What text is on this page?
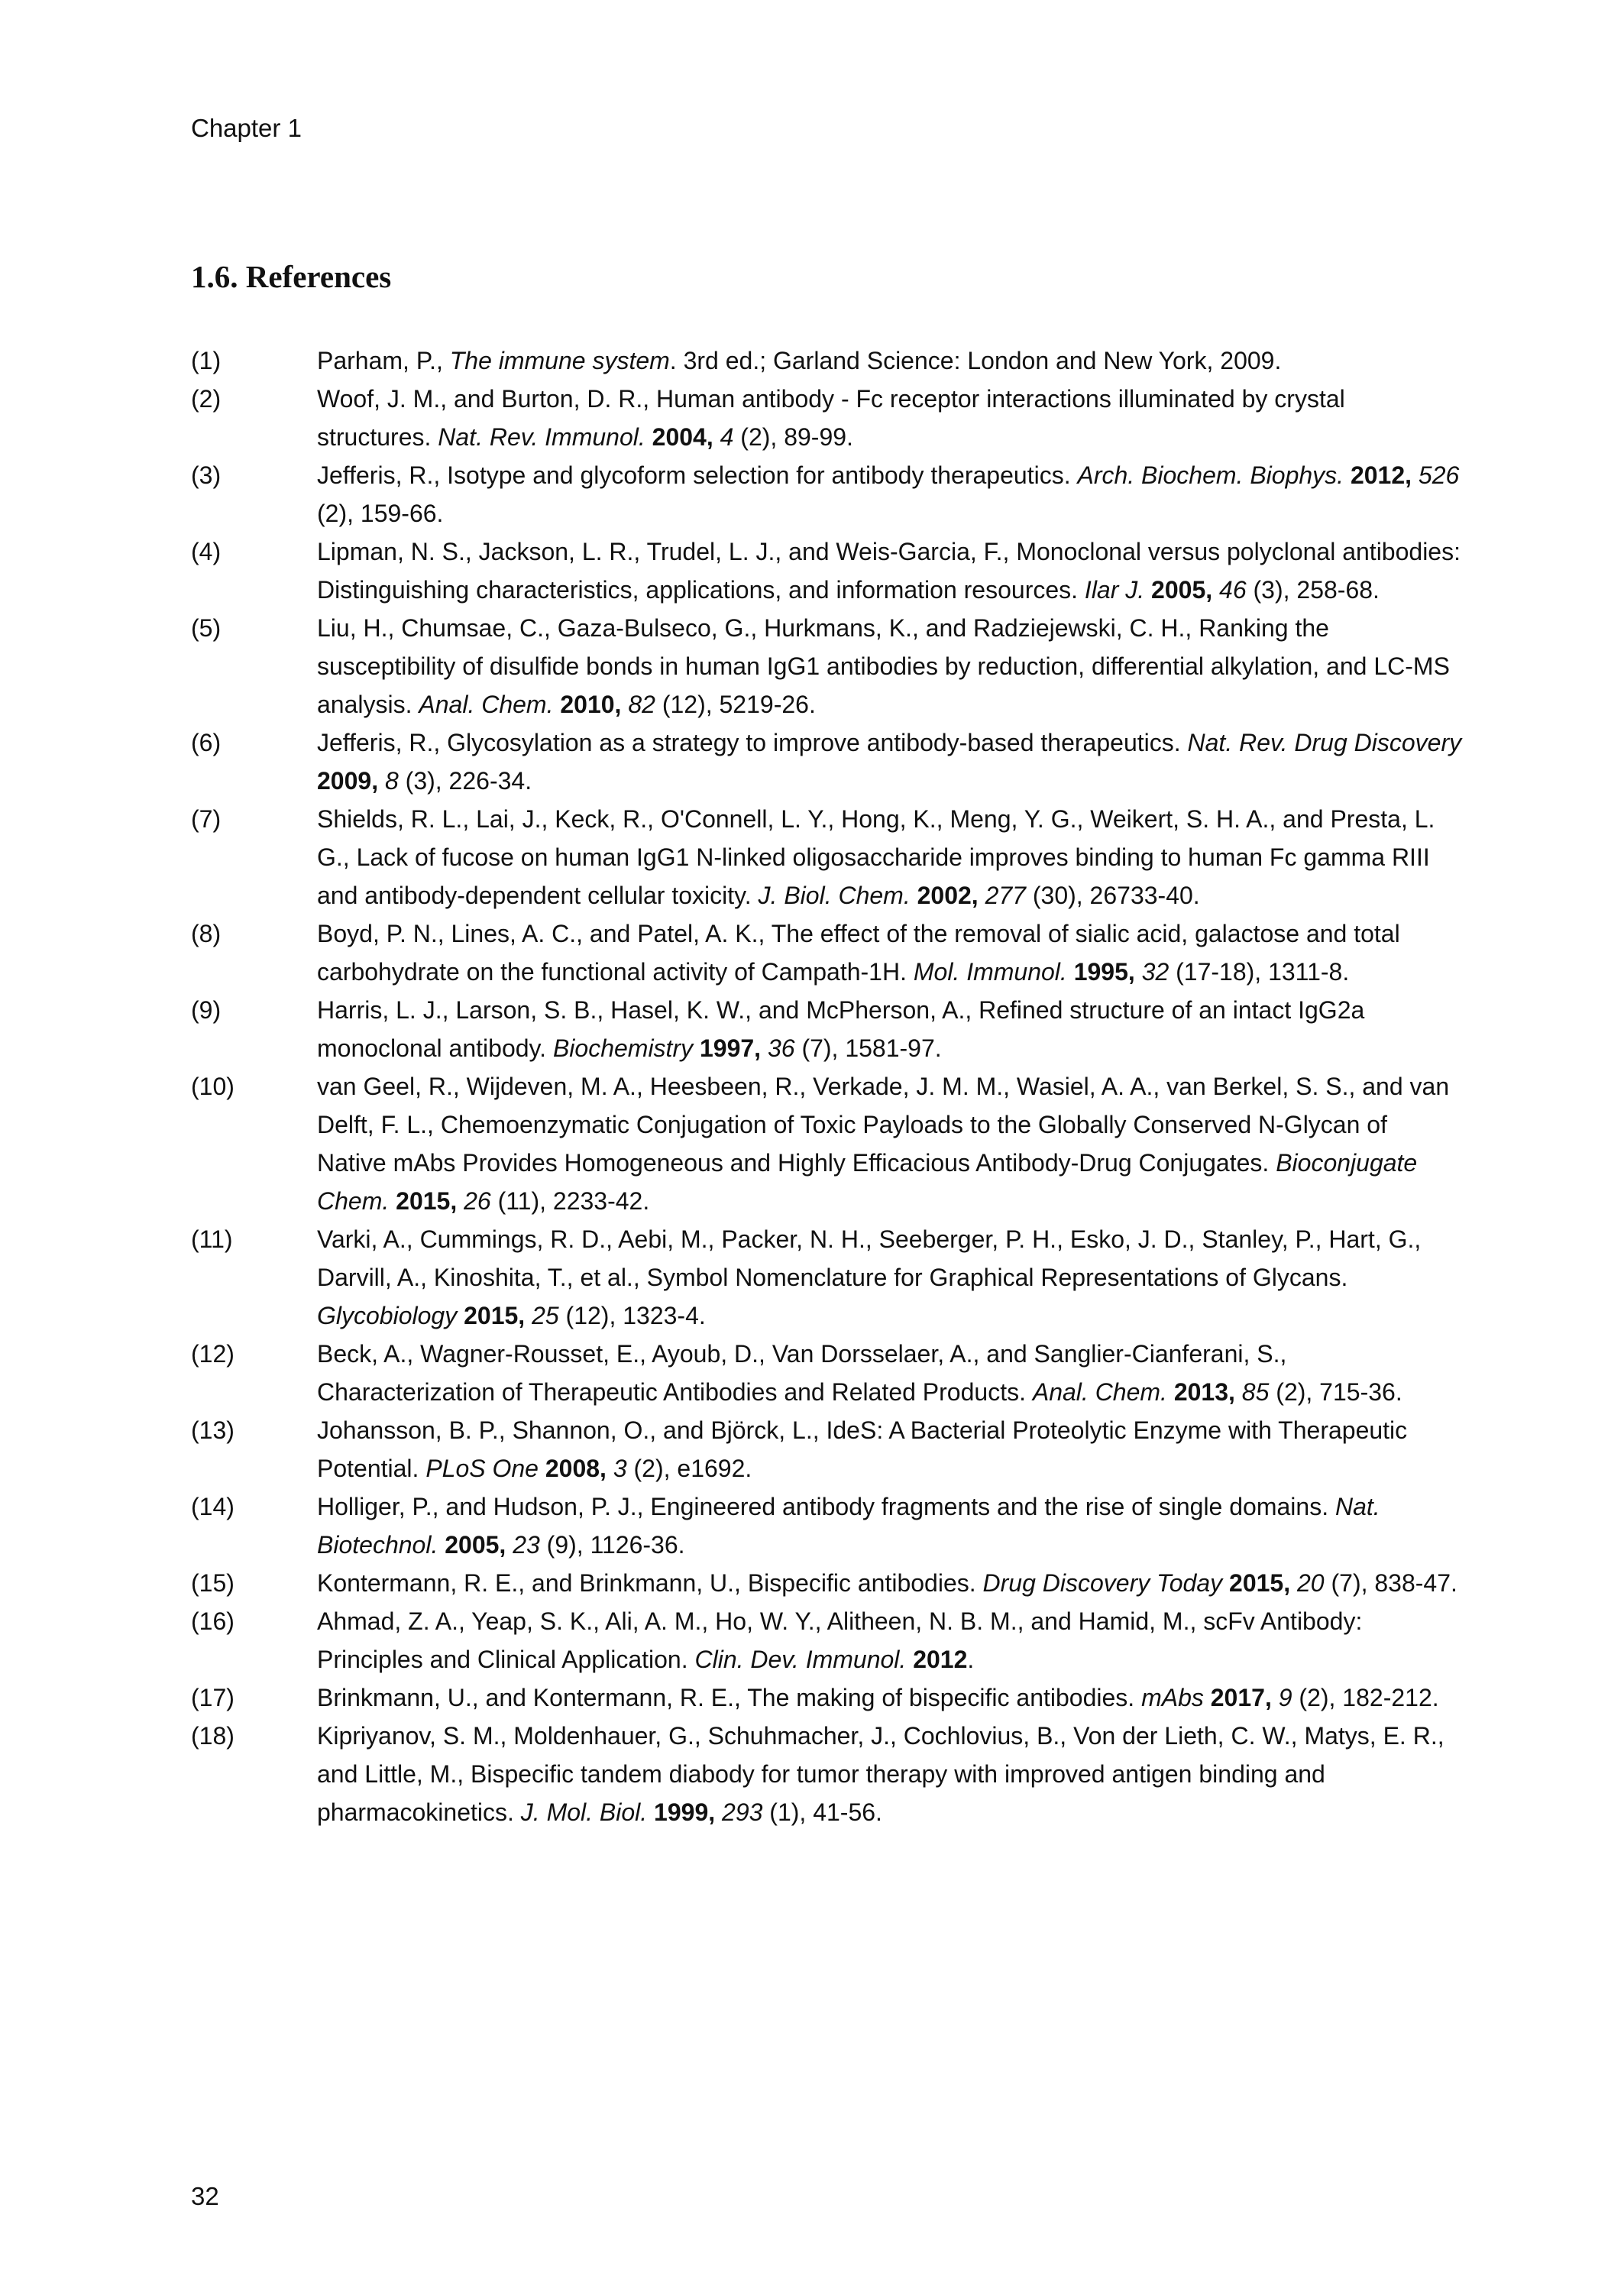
Chapter 1
1.6. References
(1)	Parham, P., The immune system. 3rd ed.; Garland Science: London and New York, 2009.
(2)	Woof, J. M., and Burton, D. R., Human antibody - Fc receptor interactions illuminated by crystal structures. Nat. Rev. Immunol. 2004, 4 (2), 89-99.
(3)	Jefferis, R., Isotype and glycoform selection for antibody therapeutics. Arch. Biochem. Biophys. 2012, 526 (2), 159-66.
(4)	Lipman, N. S., Jackson, L. R., Trudel, L. J., and Weis-Garcia, F., Monoclonal versus polyclonal antibodies: Distinguishing characteristics, applications, and information resources. Ilar J. 2005, 46 (3), 258-68.
(5)	Liu, H., Chumsae, C., Gaza-Bulseco, G., Hurkmans, K., and Radziejewski, C. H., Ranking the susceptibility of disulfide bonds in human IgG1 antibodies by reduction, differential alkylation, and LC-MS analysis. Anal. Chem. 2010, 82 (12), 5219-26.
(6)	Jefferis, R., Glycosylation as a strategy to improve antibody-based therapeutics. Nat. Rev. Drug Discovery 2009, 8 (3), 226-34.
(7)	Shields, R. L., Lai, J., Keck, R., O'Connell, L. Y., Hong, K., Meng, Y. G., Weikert, S. H. A., and Presta, L. G., Lack of fucose on human IgG1 N-linked oligosaccharide improves binding to human Fc gamma RIII and antibody-dependent cellular toxicity. J. Biol. Chem. 2002, 277 (30), 26733-40.
(8)	Boyd, P. N., Lines, A. C., and Patel, A. K., The effect of the removal of sialic acid, galactose and total carbohydrate on the functional activity of Campath-1H. Mol. Immunol. 1995, 32 (17-18), 1311-8.
(9)	Harris, L. J., Larson, S. B., Hasel, K. W., and McPherson, A., Refined structure of an intact IgG2a monoclonal antibody. Biochemistry 1997, 36 (7), 1581-97.
(10)	van Geel, R., Wijdeven, M. A., Heesbeen, R., Verkade, J. M. M., Wasiel, A. A., van Berkel, S. S., and van Delft, F. L., Chemoenzymatic Conjugation of Toxic Payloads to the Globally Conserved N-Glycan of Native mAbs Provides Homogeneous and Highly Efficacious Antibody-Drug Conjugates. Bioconjugate Chem. 2015, 26 (11), 2233-42.
(11)	Varki, A., Cummings, R. D., Aebi, M., Packer, N. H., Seeberger, P. H., Esko, J. D., Stanley, P., Hart, G., Darvill, A., Kinoshita, T., et al., Symbol Nomenclature for Graphical Representations of Glycans. Glycobiology 2015, 25 (12), 1323-4.
(12)	Beck, A., Wagner-Rousset, E., Ayoub, D., Van Dorsselaer, A., and Sanglier-Cianferani, S., Characterization of Therapeutic Antibodies and Related Products. Anal. Chem. 2013, 85 (2), 715-36.
(13)	Johansson, B. P., Shannon, O., and Björck, L., IdeS: A Bacterial Proteolytic Enzyme with Therapeutic Potential. PLoS One 2008, 3 (2), e1692.
(14)	Holliger, P., and Hudson, P. J., Engineered antibody fragments and the rise of single domains. Nat. Biotechnol. 2005, 23 (9), 1126-36.
(15)	Kontermann, R. E., and Brinkmann, U., Bispecific antibodies. Drug Discovery Today 2015, 20 (7), 838-47.
(16)	Ahmad, Z. A., Yeap, S. K., Ali, A. M., Ho, W. Y., Alitheen, N. B. M., and Hamid, M., scFv Antibody: Principles and Clinical Application. Clin. Dev. Immunol. 2012.
(17)	Brinkmann, U., and Kontermann, R. E., The making of bispecific antibodies. mAbs 2017, 9 (2), 182-212.
(18)	Kipriyanov, S. M., Moldenhauer, G., Schuhmacher, J., Cochlovius, B., Von der Lieth, C. W., Matys, E. R., and Little, M., Bispecific tandem diabody for tumor therapy with improved antigen binding and pharmacokinetics. J. Mol. Biol. 1999, 293 (1), 41-56.
32
